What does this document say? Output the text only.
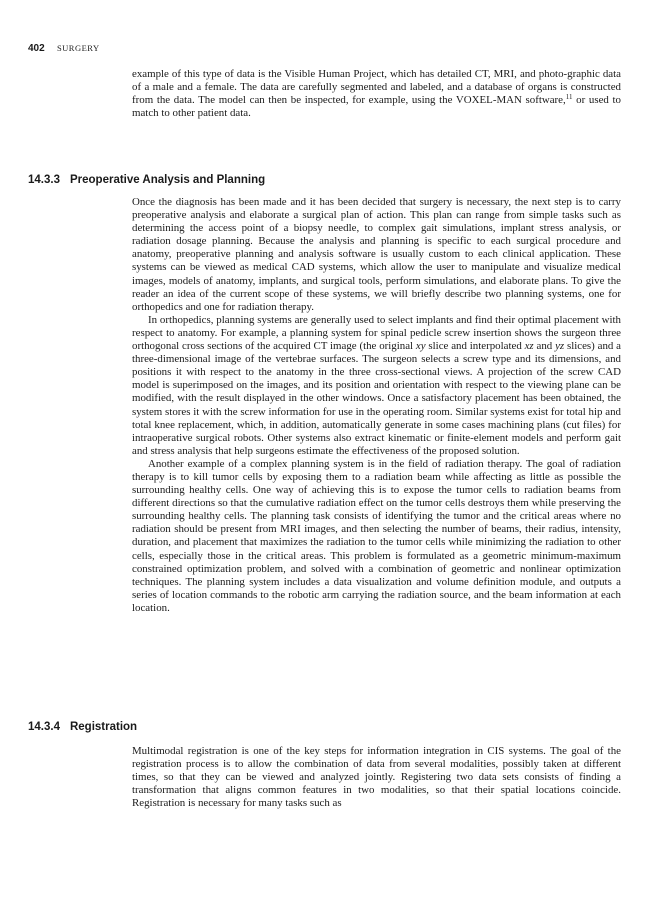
402 SURGERY

example of this type of data is the Visible Human Project, which has detailed CT, MRI, and photo-graphic data of a male and a female. The data are carefully segmented and labeled, and a database of organs is constructed from the data. The model can then be inspected, for example, using the VOXEL-MAN software,$^{11}$ or used to match to other patient data.

14.3.3 Preoperative Analysis and Planning

Once the diagnosis has been made and it has been decided that surgery is necessary, the next step is to carry preoperative analysis and elaborate a surgical plan of action. This plan can range from simple tasks such as determining the access point of a biopsy needle, to complex gait simulations, implant stress analysis, or radiation dosage planning. Because the analysis and planning is specific to each surgical procedure and anatomy, preoperative planning and analysis software is usually custom to each clinical application. These systems can be viewed as medical CAD systems, which allow the user to manipulate and visualize medical images, models of anatomy, implants, and surgical tools, perform simulations, and elaborate plans. To give the reader an idea of the current scope of these systems, we will briefly describe two planning systems, one for orthopedics and one for radiation therapy.

In orthopedics, planning systems are generally used to select implants and find their optimal placement with respect to anatomy. For example, a planning system for spinal pedicle screw insertion shows the surgeon three orthogonal cross sections of the acquired CT image (the original xy slice and interpolated xz and yz slices) and a three-dimensional image of the vertebrae surfaces. The surgeon selects a screw type and its dimensions, and positions it with respect to the anatomy in the three cross-sectional views. A projection of the screw CAD model is superimposed on the images, and its position and orientation with respect to the viewing plane can be modified, with the result displayed in the other windows. Once a satisfactory placement has been obtained, the system stores it with the screw information for use in the operating room. Similar systems exist for total hip and total knee replacement, which, in addition, automatically generate in some cases machining plans (cut files) for intraoperative surgical robots. Other systems also extract kinematic or finite-element models and perform gait and stress analysis that help surgeons estimate the effectiveness of the proposed solution.

Another example of a complex planning system is in the field of radiation therapy. The goal of radiation therapy is to kill tumor cells by exposing them to a radiation beam while affecting as little as possible the surrounding healthy cells. One way of achieving this is to expose the tumor cells to radiation beams from different directions so that the cumulative radiation effect on the tumor cells destroys them while preserving the surrounding healthy cells. The planning task consists of identifying the tumor and the critical areas where no radiation should be present from MRI images, and then selecting the number of beams, their radius, intensity, duration, and placement that maximizes the radiation to the tumor cells while minimizing the radiation to other cells, especially those in the critical areas. This problem is formulated as a geometric minimum-maximum constrained optimization problem, and solved with a combination of geometric and nonlinear optimization techniques. The planning system includes a data visualization and volume definition module, and outputs a series of location commands to the robotic arm carrying the radiation source, and the beam information at each location.

14.3.4 Registration

Multimodal registration is one of the key steps for information integration in CIS systems. The goal of the registration process is to allow the combination of data from several modalities, possibly taken at different times, so that they can be viewed and analyzed jointly. Registering two data sets consists of finding a transformation that aligns common features in two modalities, so that their spatial locations coincide. Registration is necessary for many tasks such as
